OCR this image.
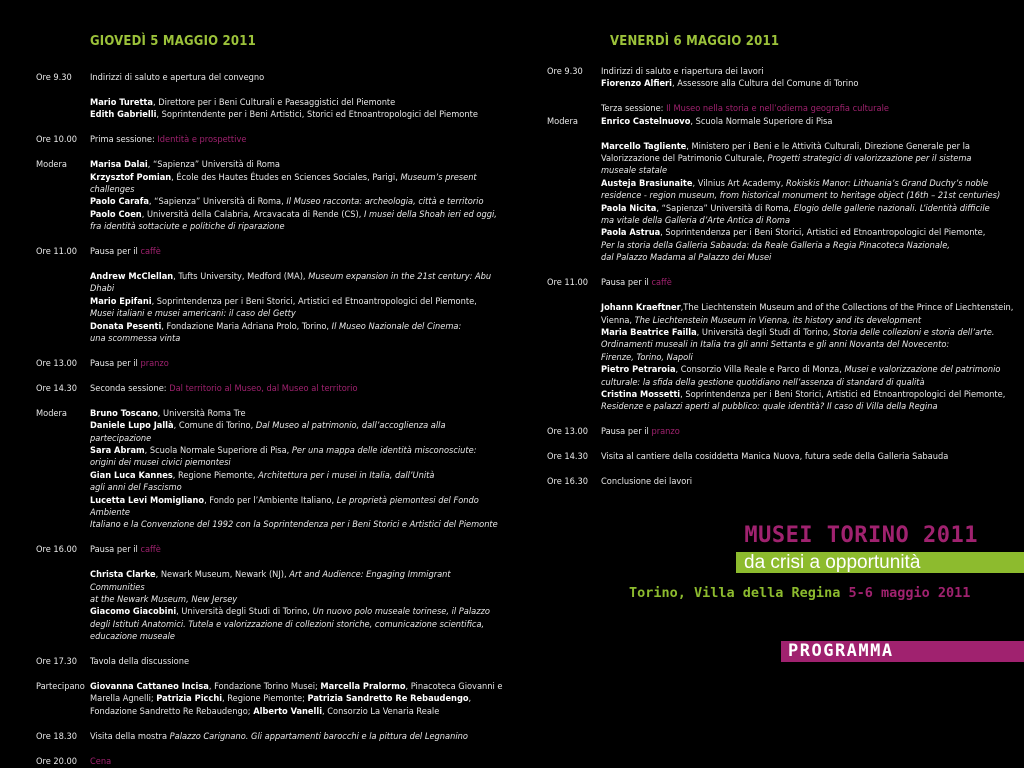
GIOVEDÌ 5 MAGGIO 2011
Ore 9.30	Indirizzi di saluto e apertura del convegno
Mario Turetta, Direttore per i Beni Culturali e Paesaggistici del Piemonte
Edith Gabrielli, Soprintendente per i Beni Artistici, Storici ed Etnoantropologici del Piemonte
Ore 10.00	Prima sessione: Identità e prospettive
Modera	Marisa Dalai, “Sapienza” Università di Roma
Krzysztof Pomian, École des Hautes Études en Sciences Sociales, Parigi, Museum’s present challenges
Paolo Carafa, “Sapienza” Università di Roma, Il Museo racconta: archeologia, città e territorio
Paolo Coen, Università della Calabria, Arcavacata di Rende (CS), I musei della Shoah ieri ed oggi,
fra identità sottaciute e politiche di riparazione
Ore 11.00	Pausa per il caffè
Andrew McClellan, Tufts University, Medford (MA), Museum expansion in the 21st century: Abu Dhabi
Mario Epifani, Soprintendenza per i Beni Storici, Artistici ed Etnoantropologici del Piemonte,
Musei italiani e musei americani: il caso del Getty
Donata Pesenti, Fondazione Maria Adriana Prolo, Torino, Il Museo Nazionale del Cinema:
una scommessa vinta
Ore 13.00	Pausa per il pranzo
Ore 14.30	Seconda sessione: Dal territorio al Museo, dal Museo al territorio
Modera	Bruno Toscano, Università Roma Tre
Daniele Lupo Jallà, Comune di Torino, Dal Museo al patrimonio, dall’accoglienza alla partecipazione
Sara Abram, Scuola Normale Superiore di Pisa, Per una mappa delle identità misconosciute:
origini dei musei civici piemontesi
Gian Luca Kannes, Regione Piemonte, Architettura per i musei in Italia, dall’Unità
agli anni del Fascismo
Lucetta Levi Momigliano, Fondo per l’Ambiente Italiano, Le proprietà piemontesi del Fondo Ambiente
Italiano e la Convenzione del 1992 con la Soprintendenza per i Beni Storici e Artistici del Piemonte
Ore 16.00	Pausa per il caffè
Christa Clarke, Newark Museum, Newark (NJ), Art and Audience: Engaging Immigrant Communities
at the Newark Museum, New Jersey
Giacomo Giacobini, Università degli Studi di Torino, Un nuovo polo museale torinese, il Palazzo
degli Istituti Anatomici. Tutela e valorizzazione di collezioni storiche, comunicazione scientifica,
educazione museale
Ore 17.30	Tavola della discussione
Partecipano Giovanna Cattaneo Incisa, Fondazione Torino Musei; Marcella Pralormo, Pinacoteca Giovanni e
Marella Agnelli; Patrizia Picchi, Regione Piemonte; Patrizia Sandretto Re Rebaudengo,
Fondazione Sandretto Re Rebaudengo; Alberto Vanelli, Consorzio La Venaria Reale
Ore 18.30	Visita della mostra Palazzo Carignano. Gli appartamenti barocchi e la pittura del Legnanino
Ore 20.00	Cena
VENERDÌ 6 MAGGIO 2011
Ore 9.30	Indirizzi di saluto e riapertura dei lavori
Fiorenzo Alfieri, Assessore alla Cultura del Comune di Torino
Terza sessione: Il Museo nella storia e nell’odierna geografia culturale
Modera	Enrico Castelnuovo, Scuola Normale Superiore di Pisa
Marcello Tagliente, Ministero per i Beni e le Attività Culturali, Direzione Generale per la
Valorizzazione del Patrimonio Culturale, Progetti strategici di valorizzazione per il sistema
museale statale
Austeja Brasiunaite, Vilnius Art Academy, Rokiskis Manor: Lithuania’s Grand Duchy’s noble
residence - region museum, from historical monument to heritage object (16th – 21st centuries)
Paola Nicita, “Sapienza” Università di Roma, Elogio delle gallerie nazionali. L’identità difficile
ma vitale della Galleria d’Arte Antica di Roma
Paola Astrua, Soprintendenza per i Beni Storici, Artistici ed Etnoantropologici del Piemonte,
Per la storia della Galleria Sabauda: da Reale Galleria a Regia Pinacoteca Nazionale,
dal Palazzo Madama al Palazzo dei Musei
Ore 11.00	Pausa per il caffè
Johann Kraeftner,The Liechtenstein Museum and of the Collections of the Prince of Liechtenstein,
Vienna, The Liechtenstein Museum in Vienna, its history and its development
Maria Beatrice Failla, Università degli Studi di Torino, Storia delle collezioni e storia dell’arte.
Ordinamenti museali in Italia tra gli anni Settanta e gli anni Novanta del Novecento:
Firenze, Torino, Napoli
Pietro Petraroia, Consorzio Villa Reale e Parco di Monza, Musei e valorizzazione del patrimonio
culturale: la sfida della gestione quotidiano nell’assenza di standard di qualità
Cristina Mossetti, Soprintendenza per i Beni Storici, Artistici ed Etnoantropologici del Piemonte,
Residenze e palazzi aperti al pubblico: quale identità? Il caso di Villa della Regina
Ore 13.00	Pausa per il pranzo
Ore 14.30	Visita al cantiere della cosiddetta Manica Nuova, futura sede della Galleria Sabauda
Ore 16.30	Conclusione dei lavori
MUSEI TORINO 2011
da crisi a opportunità
Torino, Villa della Regina 5-6 maggio 2011
PROGRAMMA
